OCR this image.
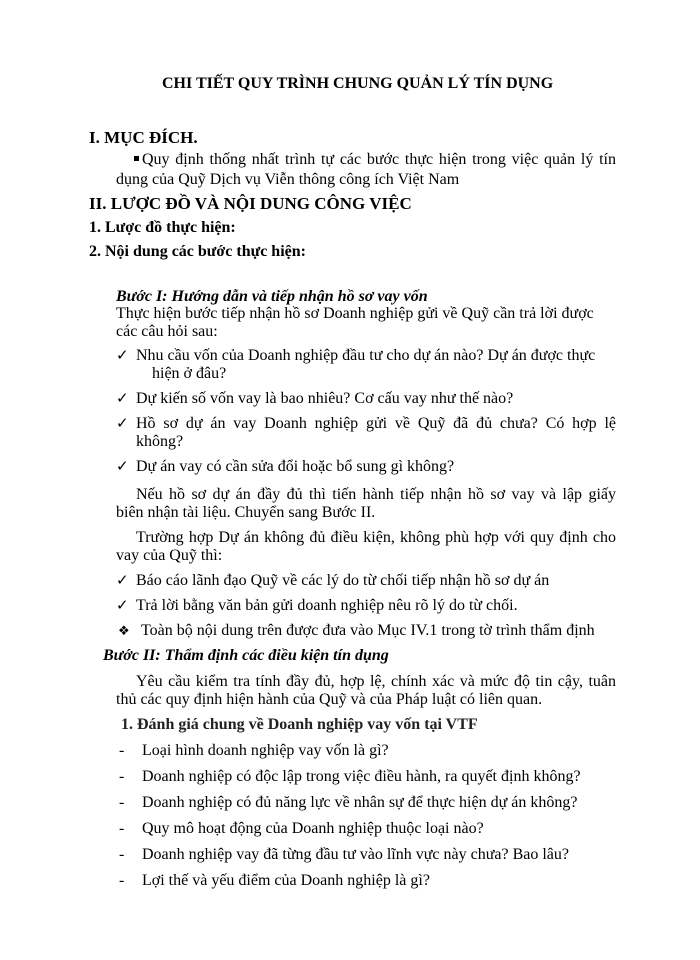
CHI TIẾT QUY TRÌNH CHUNG QUẢN LÝ TÍN DỤNG
I. MỤC ĐÍCH.
Quy định thống nhất trình tự các bước thực hiện trong việc quản lý tín
dụng của Quỹ Dịch vụ Viễn thông công ích Việt Nam
II. LƯỢC ĐỒ VÀ NỘI DUNG CÔNG VIỆC
1. Lược đồ thực hiện:
2. Nội dung các bước thực hiện:
Bước I: Hướng dẫn và tiếp nhận hồ sơ vay vốn
Thực hiện bước tiếp nhận hồ sơ Doanh nghiệp gửi về Quỹ cần trả lời được
các câu hỏi sau:
✓ Nhu cầu vốn của Doanh nghiệp đầu tư cho dự án nào? Dự án được thực
hiện ở đâu?
✓ Dự kiến số vốn vay là bao nhiêu? Cơ cấu vay như thế nào?
✓ Hồ sơ dự án vay Doanh nghiệp gửi về Quỹ đã đủ chưa? Có hợp lệ
không?
✓ Dự án vay có cần sửa đổi hoặc bổ sung gì không?
Nếu hồ sơ dự án đầy đủ thì tiến hành tiếp nhận hồ sơ vay và lập giấy
biên nhận tài liệu. Chuyển sang Bước II.
Trường hợp Dự án không đủ điều kiện, không phù hợp với quy định cho
vay của Quỹ thì:
✓ Báo cáo lãnh đạo Quỹ về các lý do từ chối tiếp nhận hồ sơ dự án
✓ Trả lời bằng văn bản gửi doanh nghiệp nêu rõ lý do từ chối.
❖ Toàn bộ nội dung trên được đưa vào Mục IV.1 trong tờ trình thẩm định
Bước II: Thẩm định các điều kiện tín dụng
Yêu cầu kiểm tra tính đầy đủ, hợp lệ, chính xác và mức độ tin cậy, tuân
thủ các quy định hiện hành của Quỹ và của Pháp luật có liên quan.
1. Đánh giá chung về Doanh nghiệp vay vốn tại VTF
- Loại hình doanh nghiệp vay vốn là gì?
- Doanh nghiệp có độc lập trong việc điều hành, ra quyết định không?
- Doanh nghiệp có đủ năng lực về nhân sự để thực hiện dự án không?
- Quy mô hoạt động của Doanh nghiệp thuộc loại nào?
- Doanh nghiệp vay đã từng đầu tư vào lĩnh vực này chưa? Bao lâu?
- Lợi thế và yếu điểm của Doanh nghiệp là gì?
